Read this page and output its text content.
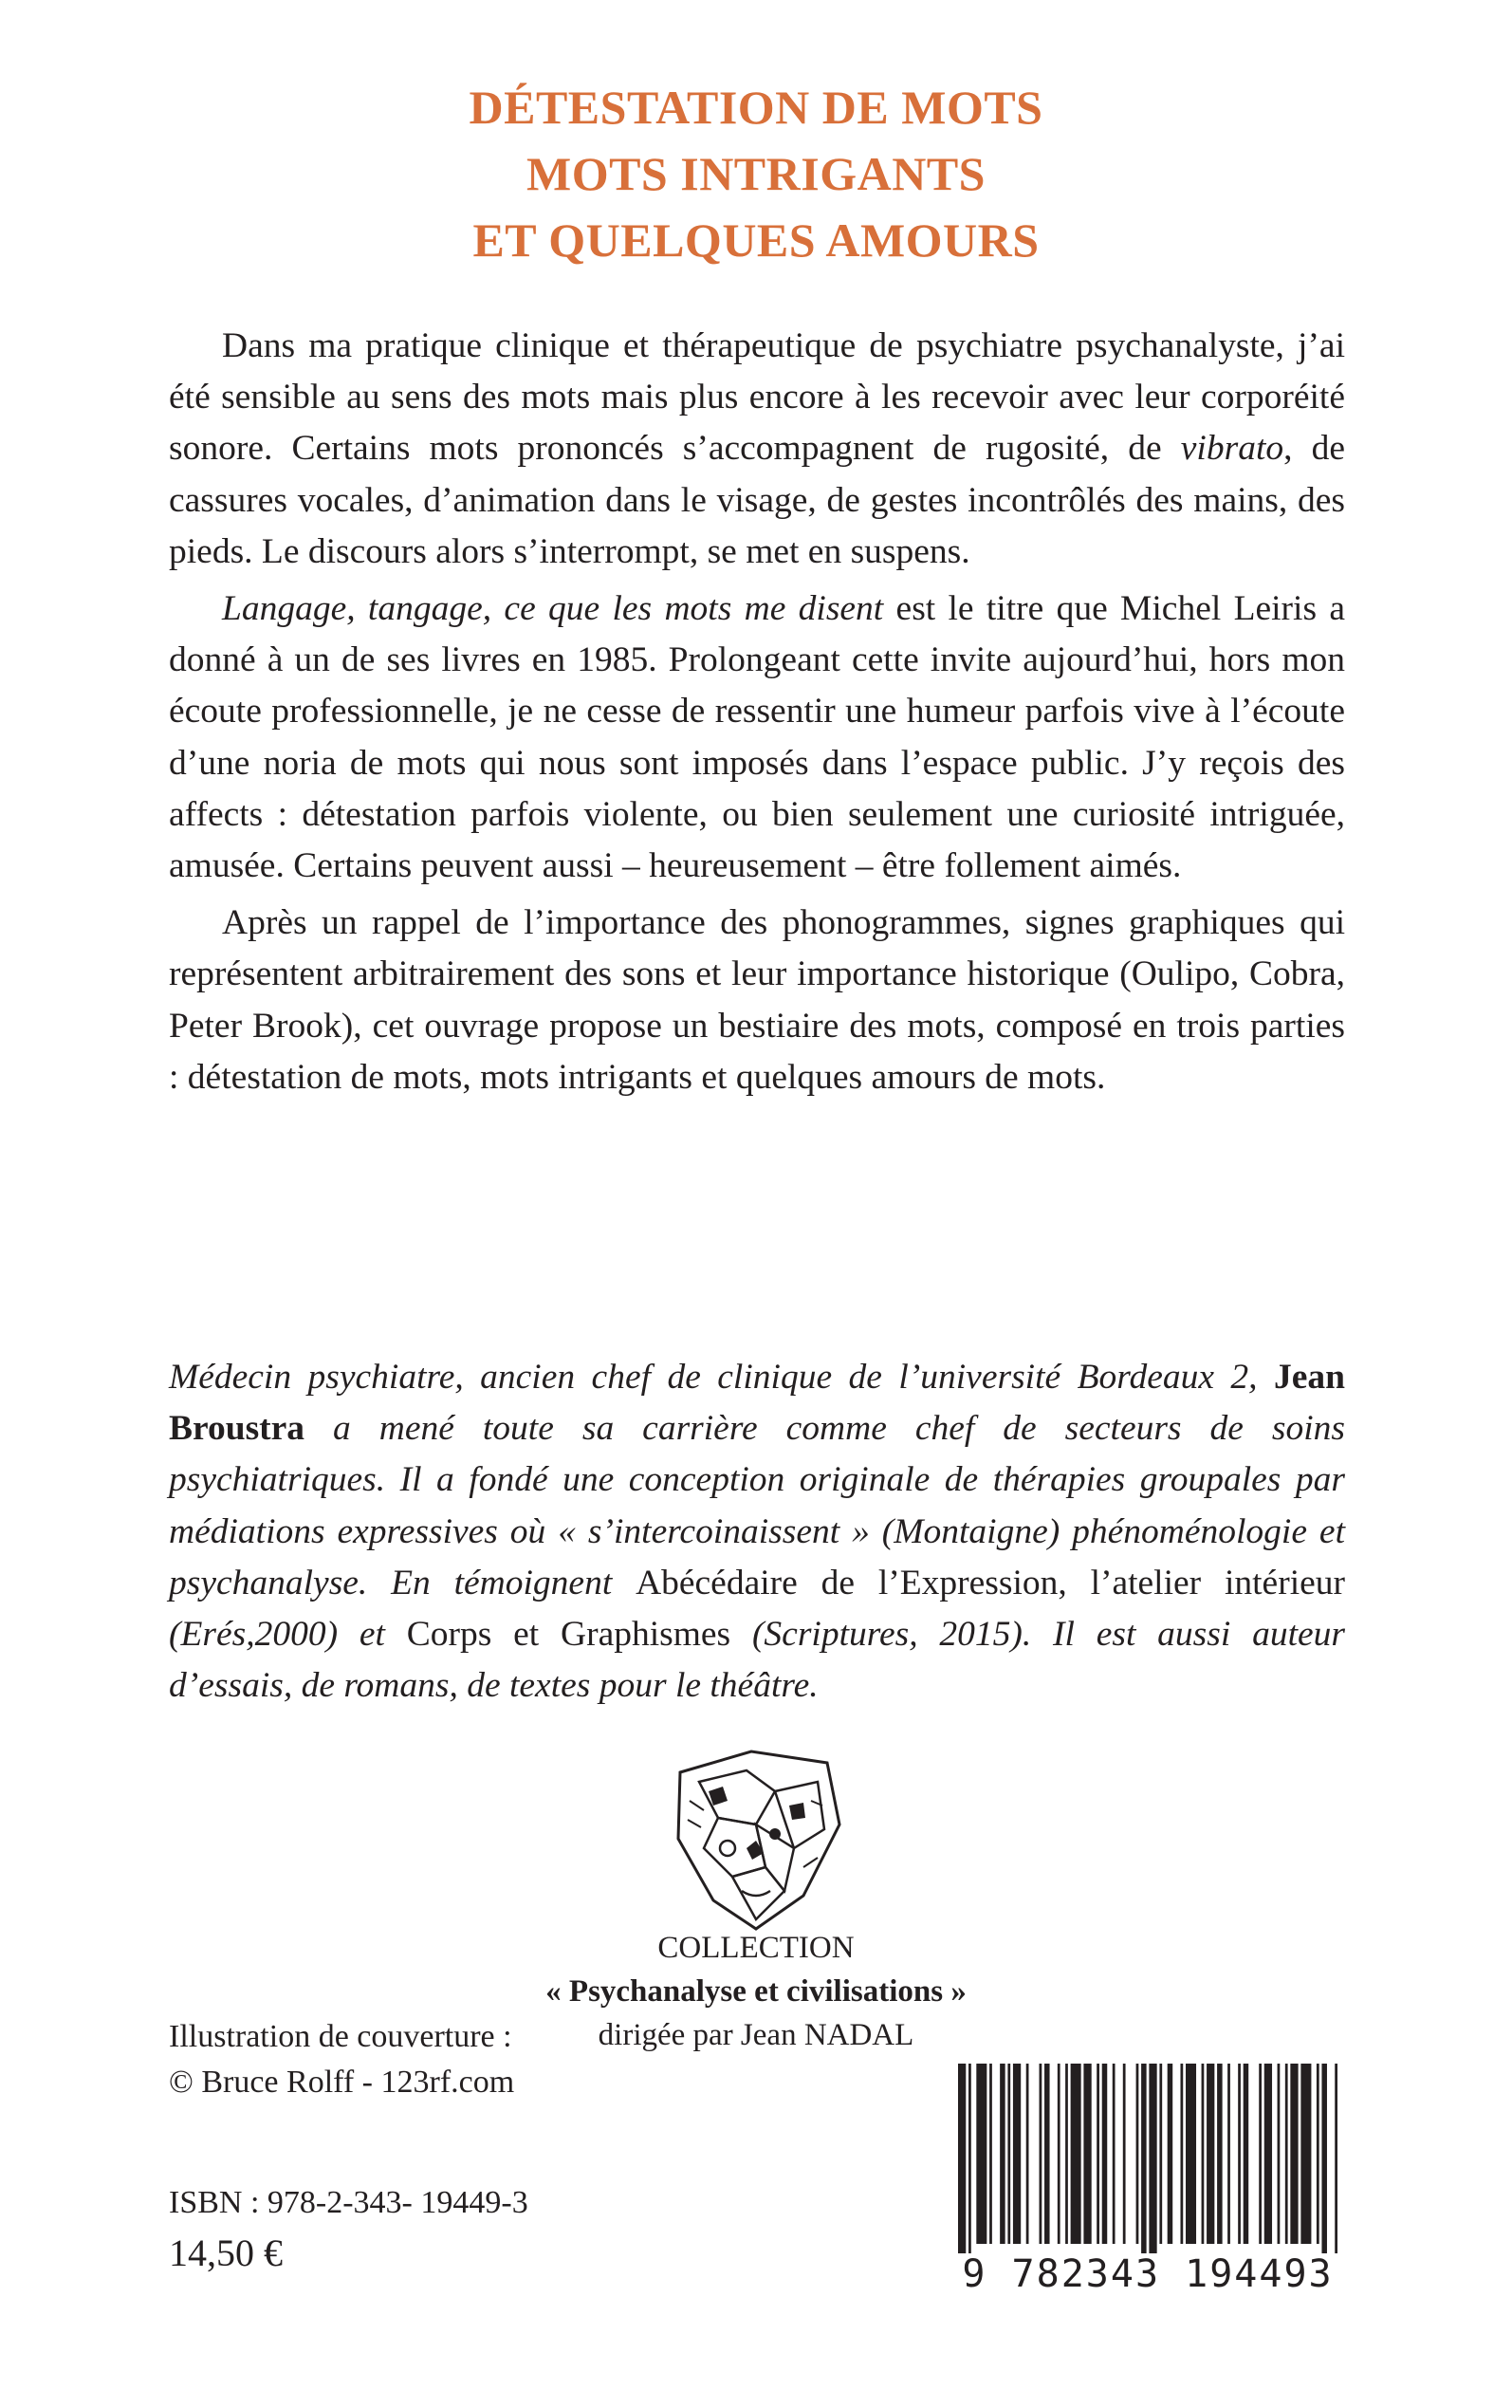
DÉTESTATION DE MOTS
MOTS INTRIGANTS
ET QUELQUES AMOURS

Dans ma pratique clinique et thérapeutique de psychiatre psychanalyste, j’ai été sensible au sens des mots mais plus encore à les recevoir avec leur corporéité sonore. Certains mots prononcés s’accompagnent de rugosité, de vibrato, de cassures vocales, d’animation dans le visage, de gestes incontrôlés des mains, des pieds. Le discours alors s’interrompt, se met en suspens.

Langage, tangage, ce que les mots me disent est le titre que Michel Leiris a donné à un de ses livres en 1985. Prolongeant cette invite aujourd’hui, hors mon écoute professionnelle, je ne cesse de ressentir une humeur parfois vive à l’écoute d’une noria de mots qui nous sont imposés dans l’espace public. J’y reçois des affects : détestation parfois violente, ou bien seulement une curiosité intriguée, amusée. Certains peuvent aussi – heureusement – être follement aimés.

Après un rappel de l’importance des phonogrammes, signes graphiques qui représentent arbitrairement des sons et leur importance historique (Oulipo, Cobra, Peter Brook), cet ouvrage propose un bestiaire des mots, composé en trois parties : détestation de mots, mots intrigants et quelques amours de mots.

Médecin psychiatre, ancien chef de clinique de l’université Bordeaux 2, Jean Broustra a mené toute sa carrière comme chef de secteurs de soins psychiatriques. Il a fondé une conception originale de thérapies groupales par médiations expressives où « s’intercoinaissent » (Montaigne) phénoménologie et psychanalyse. En témoignent Abécédaire de l’Expression, l’atelier intérieur (Erés,2000) et Corps et Graphismes (Scriptures, 2015). Il est aussi auteur d’essais, de romans, de textes pour le théâtre.
COLLECTION
« Psychanalyse et civilisations »
dirigée par Jean NADAL
Illustration de couverture :
© Bruce Rolff - 123rf.com
ISBN : 978-2-343- 19449-3
14,50 €	9 782343 194493
